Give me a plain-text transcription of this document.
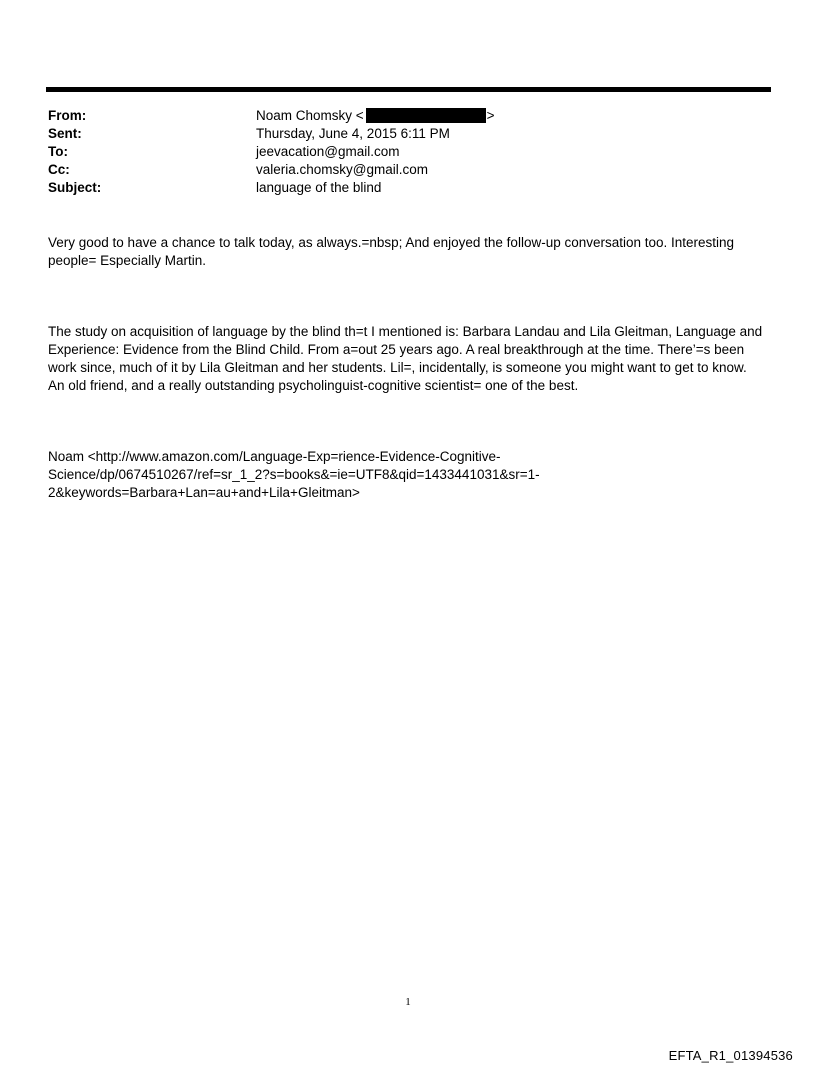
From:	Noam Chomsky <	>
Sent:	Thursday, June 4, 2015 6:11 PM
To:	jeevacation@gmail.com
Cc:	valeria.chomsky@gmail.com
Subject:	language of the blind
Very good to have a chance to talk today, as always.=nbsp; And enjoyed the follow-up conversation too. Interesting
people= Especially Martin.
The study on acquisition of language by the blind th=t I mentioned is: Barbara Landau and Lila Gleitman, Language and
Experience: Evidence from the Blind Child. From a=out 25 years ago. A real breakthrough at the time. There’=s been
work since, much of it by Lila Gleitman and her students. Lil=, incidentally, is someone you might want to get to know.
An old friend, and a really outstanding psycholinguist-cognitive scientist= one of the best.
Noam <http://www.amazon.com/Language-Exp=rience-Evidence-Cognitive-
Science/dp/0674510267/ref=sr_1_2?s=books&=ie=UTF8&qid=1433441031&sr=1-
2&keywords=Barbara+Lan=au+and+Lila+Gleitman>
1
EFTA_R1_01394536
